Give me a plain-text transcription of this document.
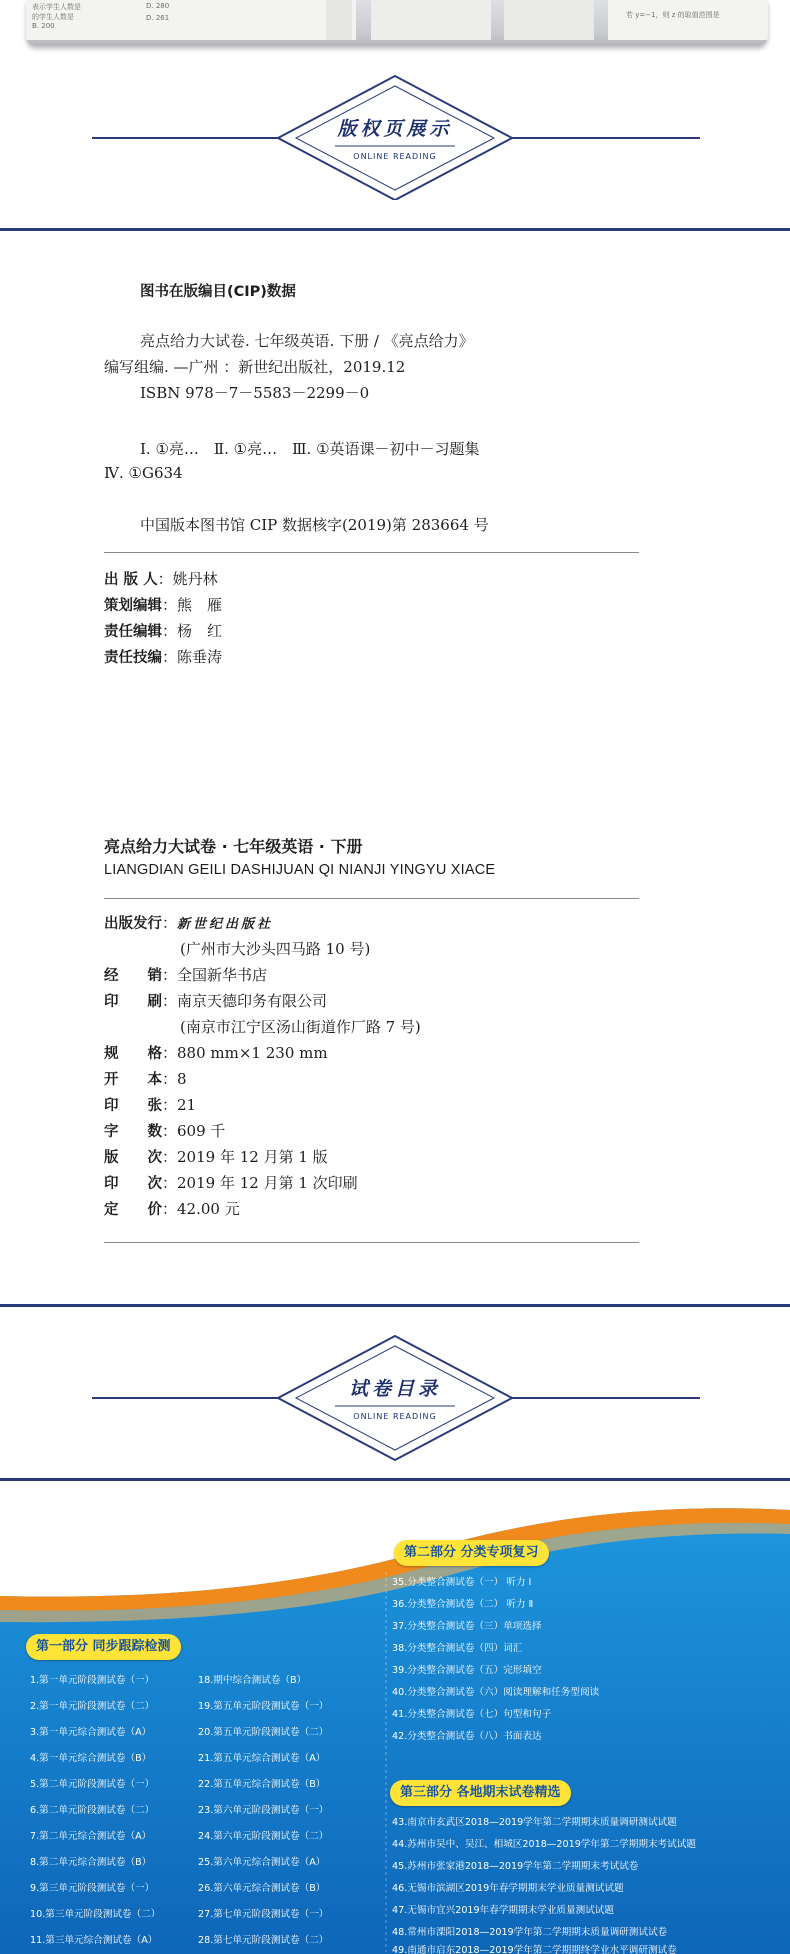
表示学生人数是
的学生人数是
B. 200
D. 280
D. 261	若 y=−1，则 z 的取值范围是
版权页展示
ONLINE READING
图书在版编目(CIP)数据
亮点给力大试卷. 七年级英语. 下册 / 《亮点给力》
编写组编. —广州 ：新世纪出版社，2019.12
ISBN 978－7－5583－2299－0
Ⅰ. ①亮…　Ⅱ. ①亮…　Ⅲ. ①英语课－初中－习题集
Ⅳ. ①G634
中国版本图书馆 CIP 数据核字(2019)第 283664 号
出 版 人：姚丹林
策划编辑：熊　雁
责任编辑：杨　红
责任技编：陈垂涛
亮点给力大试卷 · 七年级英语 · 下册
LIANGDIAN GEILI DASHIJUAN QI NIANJI YINGYU XIACE
出版发行：新世纪出版社
(广州市大沙头四马路 10 号)
经　　销：全国新华书店
印　　刷：南京天德印务有限公司
(南京市江宁区汤山街道作厂路 7 号)
规　　格：880 mm×1 230 mm
开　　本：8
印　　张：21
字　　数：609 千
版　　次：2019 年 12 月第 1 版
印　　次：2019 年 12 月第 1 次印刷
定　　价：42.00 元
试卷目录
ONLINE READING
第二部分 分类专项复习
第一部分 同步跟踪检测
第三部分 各地期末试卷精选
1.第一单元阶段测试卷（一）
2.第一单元阶段测试卷（二）
3.第一单元综合测试卷（A）
4.第一单元综合测试卷（B）
5.第二单元阶段测试卷（一）
6.第二单元阶段测试卷（二）
7.第二单元综合测试卷（A）
8.第二单元综合测试卷（B）
9.第三单元阶段测试卷（一）
10.第三单元阶段测试卷（二）
11.第三单元综合测试卷（A）
18.期中综合测试卷（B）
19.第五单元阶段测试卷（一）
20.第五单元阶段测试卷（二）
21.第五单元综合测试卷（A）
22.第五单元综合测试卷（B）
23.第六单元阶段测试卷（一）
24.第六单元阶段测试卷（二）
25.第六单元综合测试卷（A）
26.第六单元综合测试卷（B）
27.第七单元阶段测试卷（一）
28.第七单元阶段测试卷（二）
35.分类整合测试卷（一） 听力 Ⅰ
36.分类整合测试卷（二） 听力 Ⅱ
37.分类整合测试卷（三）单项选择
38.分类整合测试卷（四）词汇
39.分类整合测试卷（五）完形填空
40.分类整合测试卷（六）阅读理解和任务型阅读
41.分类整合测试卷（七）句型和句子
42.分类整合测试卷（八）书面表达
43.南京市玄武区2018—2019学年第二学期期末质量调研测试试题
44.苏州市吴中、吴江、相城区2018—2019学年第二学期期末考试试题
45.苏州市张家港2018—2019学年第二学期期末考试试卷
46.无锡市滨湖区2019年春学期期末学业质量测试试题
47.无锡市宜兴2019年春学期期末学业质量测试试题
48.常州市溧阳2018—2019学年第二学期期末质量调研测试试卷
49.南通市启东2018—2019学年第二学期期终学业水平调研测试卷
